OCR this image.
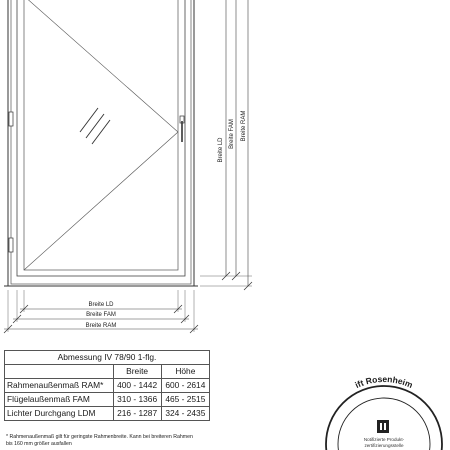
Breite LD
Breite FAM Breite RAM
Breite LD
Breite FAM
Breite RAM
* Rahmenaußenmaß gilt für geringste Rahmenbreite. Kann bei breiteren Rahmen
bis 160 mm größer ausfallen
ift Rosenheim
Notifizierte Produkt-
zertifizierungsstelle
Abmessung IV 78/90 1-flg.		
	Breite	Höhe
Rahmenaußenmaß RAM*	400 - 1442	600 - 2614
Flügelaußenmaß FAM	310 - 1366	465 - 2515
Lichter Durchgang LDM	216 - 1287	324 - 2435
